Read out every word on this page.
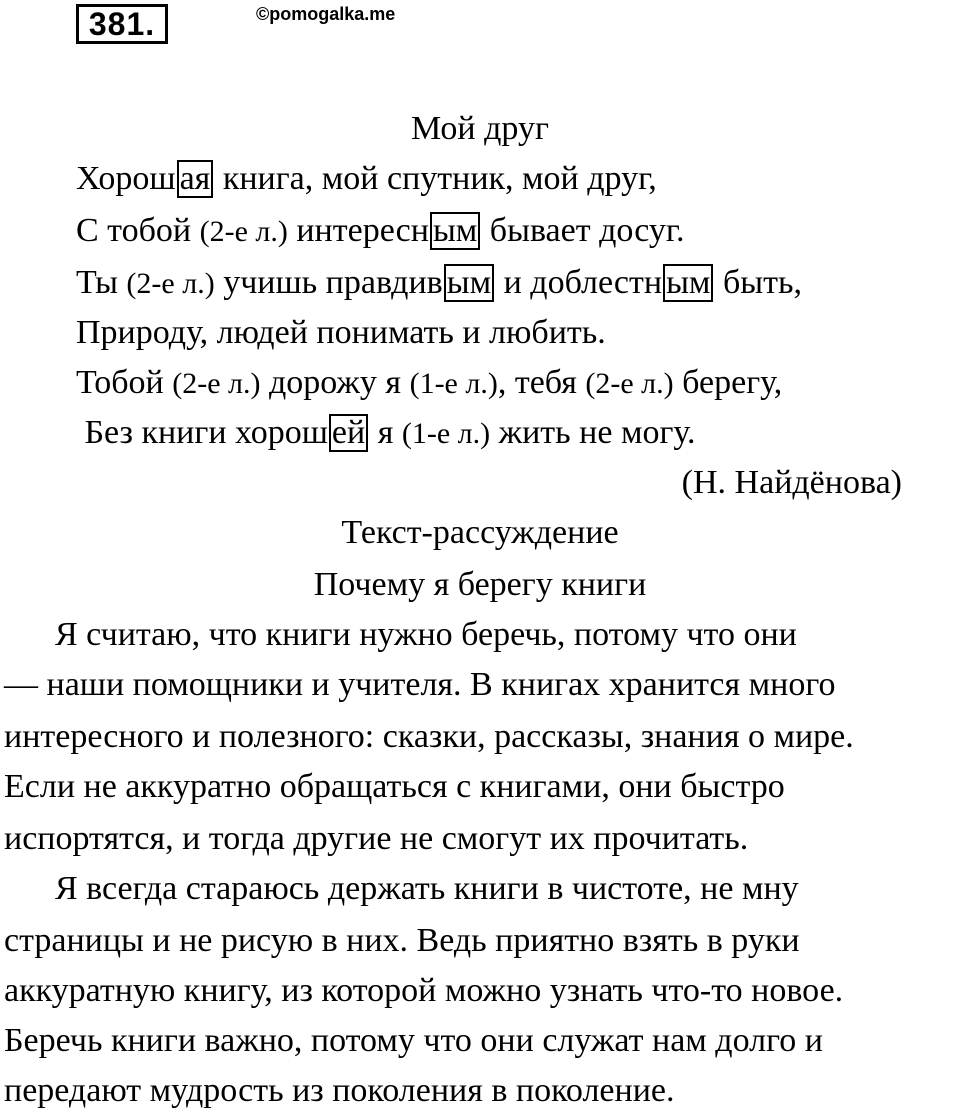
381.	©pomogalka.me
Мой друг
Хорош ая книга, мой спутник, мой друг,
С тобой (2-е л.) интересн ым бывает досуг.
Ты (2-е л.) учишь правдив ым и доблестн ым быть,
Природу, людей понимать и любить.
Тобой (2-е л.) дорожу я (1-е л.), тебя (2-е л.) берегу,
Без книги хорош ей я (1-е л.) жить не могу.
(Н. Найдёнова)
Текст-рассуждение
Почему я берегу книги
Я считаю, что книги нужно беречь, потому что они
— наши помощники и учителя. В книгах хранится много
интересного и полезного: сказки, рассказы, знания о мире.
Если не аккуратно обращаться с книгами, они быстро
испортятся, и тогда другие не смогут их прочитать.
Я всегда стараюсь держать книги в чистоте, не мну
страницы и не рисую в них. Ведь приятно взять в руки
аккуратную книгу, из которой можно узнать что-то новое.
Беречь книги важно, потому что они служат нам долго и
передают мудрость из поколения в поколение.
